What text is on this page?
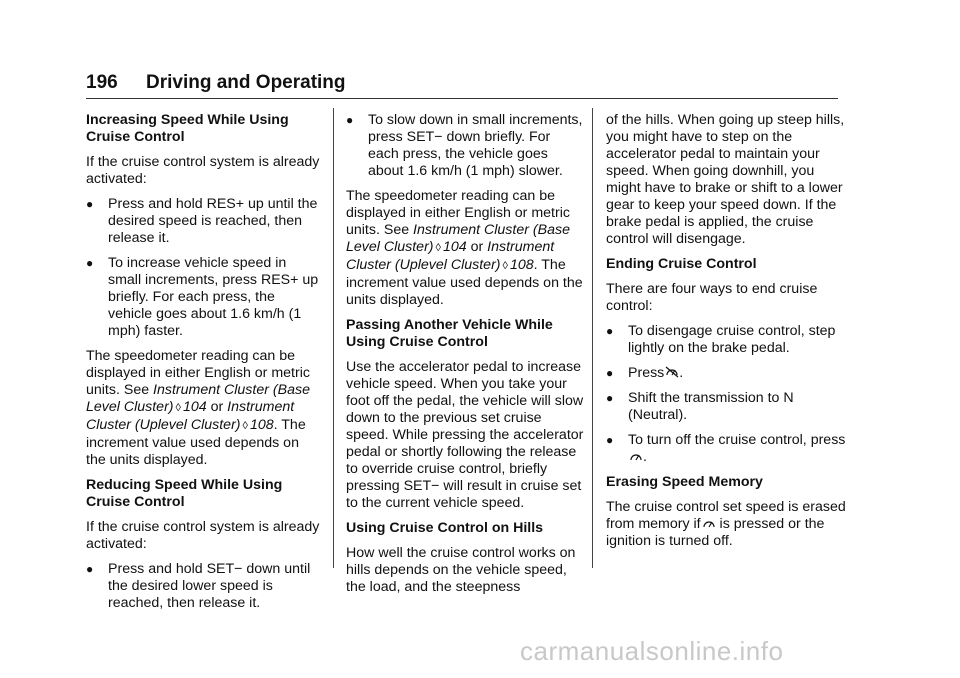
196 Driving and Operating
Increasing Speed While Using Cruise Control
If the cruise control system is already activated:
● Press and hold RES+ up until the desired speed is reached, then release it.
● To increase vehicle speed in small increments, press RES+ up briefly. For each press, the vehicle goes about 1.6 km/h (1 mph) faster.
The speedometer reading can be displayed in either English or metric units. See Instrument Cluster (Base Level Cluster) ◊ 104 or Instrument Cluster (Uplevel Cluster) ◊ 108. The increment value used depends on the units displayed.
Reducing Speed While Using Cruise Control
If the cruise control system is already activated:
● Press and hold SET− down until the desired lower speed is reached, then release it.
● To slow down in small increments, press SET− down briefly. For each press, the vehicle goes about 1.6 km/h (1 mph) slower.
The speedometer reading can be displayed in either English or metric units. See Instrument Cluster (Base Level Cluster) ◊ 104 or Instrument Cluster (Uplevel Cluster) ◊ 108. The increment value used depends on the units displayed.
Passing Another Vehicle While Using Cruise Control
Use the accelerator pedal to increase vehicle speed. When you take your foot off the pedal, the vehicle will slow down to the previous set cruise speed. While pressing the accelerator pedal or shortly following the release to override cruise control, briefly pressing SET− will result in cruise set to the current vehicle speed.
Using Cruise Control on Hills
How well the cruise control works on hills depends on the vehicle speed, the load, and the steepness
of the hills. When going up steep hills, you might have to step on the accelerator pedal to maintain your speed. When going downhill, you might have to brake or shift to a lower gear to keep your speed down. If the brake pedal is applied, the cruise control will disengage.
Ending Cruise Control
There are four ways to end cruise control:
● To disengage cruise control, step lightly on the brake pedal.
● Press .
● Shift the transmission to N (Neutral).
● To turn off the cruise control, press .
Erasing Speed Memory
The cruise control set speed is erased from memory if is pressed or the ignition is turned off.
carmanualsonline.info
